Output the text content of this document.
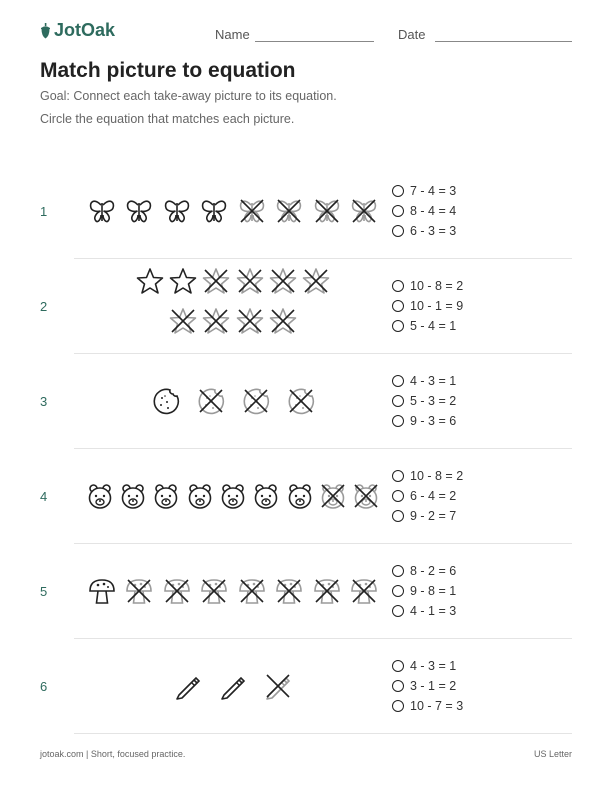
JotOak	Name	Date
Match picture to equation
Goal: Connect each take-away picture to its equation.
Circle the equation that matches each picture.
1
7 - 4 = 3
8 - 4 = 4
6 - 3 = 3
2
10 - 8 = 2
10 - 1 = 9
5 - 4 = 1
3
4 - 3 = 1
5 - 3 = 2
9 - 3 = 6
4
10 - 8 = 2
6 - 4 = 2
9 - 2 = 7
5
8 - 2 = 6
9 - 8 = 1
4 - 1 = 3
6
4 - 3 = 1
3 - 1 = 2
10 - 7 = 3
jotoak.com | Short, focused practice.	US Letter
